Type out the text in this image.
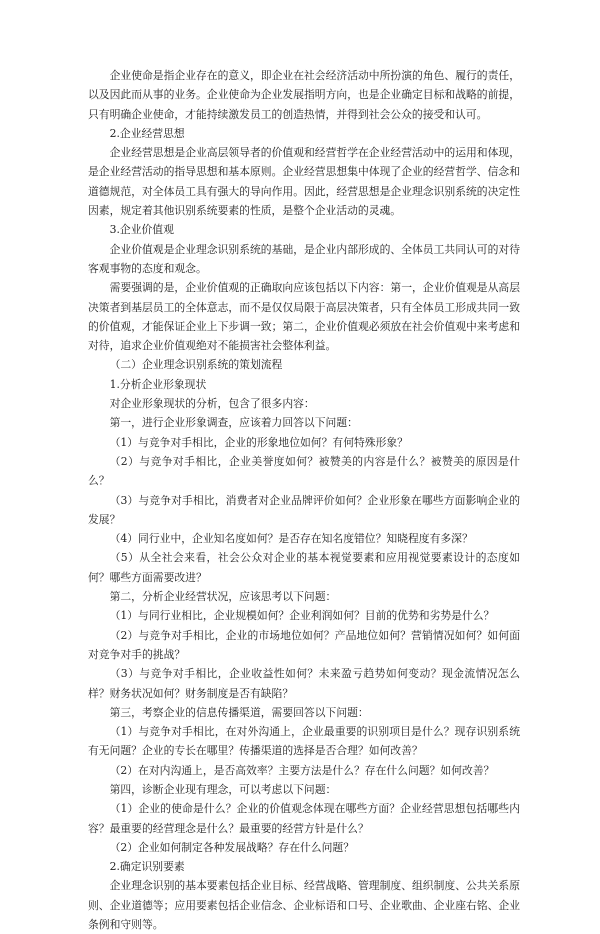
企业使命是指企业存在的意义，即企业在社会经济活动中所扮演的角色、履行的责任，以及因此而从事的业务。企业使命为企业发展指明方向，也是企业确定目标和战略的前提，只有明确企业使命，才能持续激发员工的创造热情，并得到社会公众的接受和认可。

2.企业经营思想

企业经营思想是企业高层领导者的价值观和经营哲学在企业经营活动中的运用和体现，是企业经营活动的指导思想和基本原则。企业经营思想集中体现了企业的经营哲学、信念和道德规范，对全体员工具有强大的导向作用。因此，经营思想是企业理念识别系统的决定性因素，规定着其他识别系统要素的性质，是整个企业活动的灵魂。

3.企业价值观

企业价值观是企业理念识别系统的基础，是企业内部形成的、全体员工共同认可的对待客观事物的态度和观念。

需要强调的是，企业价值观的正确取向应该包括以下内容：第一，企业价值观是从高层决策者到基层员工的全体意志，而不是仅仅局限于高层决策者，只有全体员工形成共同一致的价值观，才能保证企业上下步调一致；第二，企业价值观必须放在社会价值观中来考虑和对待，追求企业价值观绝对不能损害社会整体利益。

（二）企业理念识别系统的策划流程

1.分析企业形象现状

对企业形象现状的分析，包含了很多内容：

第一，进行企业形象调查，应该着力回答以下问题：

（1）与竞争对手相比，企业的形象地位如何？有何特殊形象？

（2）与竞争对手相比，企业美誉度如何？被赞美的内容是什么？被赞美的原因是什么？

（3）与竞争对手相比，消费者对企业品牌评价如何？企业形象在哪些方面影响企业的发展？

（4）同行业中，企业知名度如何？是否存在知名度错位？知晓程度有多深？

（5）从全社会来看，社会公众对企业的基本视觉要素和应用视觉要素设计的态度如何？哪些方面需要改进？

第二，分析企业经营状况，应该思考以下问题：

（1）与同行业相比，企业规模如何？企业利润如何？目前的优势和劣势是什么？

（2）与竞争对手相比，企业的市场地位如何？产品地位如何？营销情况如何？如何面对竞争对手的挑战？

（3）与竞争对手相比，企业收益性如何？未来盈亏趋势如何变动？现金流情况怎么样？财务状况如何？财务制度是否有缺陷？

第三，考察企业的信息传播渠道，需要回答以下问题：

（1）与竞争对手相比，在对外沟通上，企业最重要的识别项目是什么？现存识别系统有无问题？企业的专长在哪里？传播渠道的选择是否合理？如何改善？

（2）在对内沟通上，是否高效率？主要方法是什么？存在什么问题？如何改善？

第四，诊断企业现有理念，可以考虑以下问题：

（1）企业的使命是什么？企业的价值观念体现在哪些方面？企业经营思想包括哪些内容？最重要的经营理念是什么？最重要的经营方针是什么？

（2）企业如何制定各种发展战略？存在什么问题？

2.确定识别要素

企业理念识别的基本要素包括企业目标、经营战略、管理制度、组织制度、公共关系原则、企业道德等；应用要素包括企业信念、企业标语和口号、企业歌曲、企业座右铭、企业条例和守则等。
